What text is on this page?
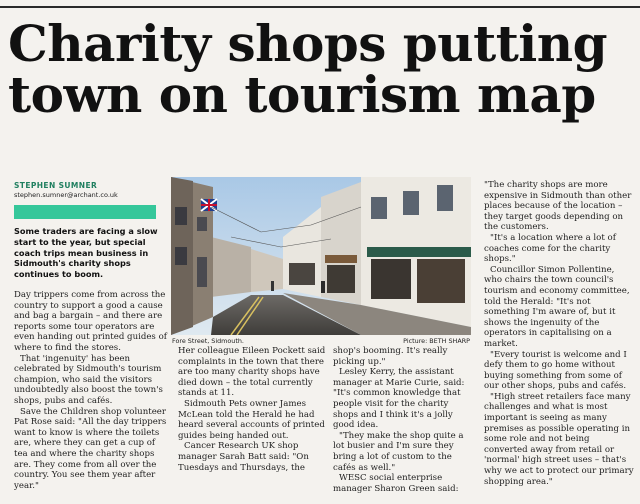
Charity shops putting town on tourism map
STEPHEN SUMNER
stephen.sumner@archant.co.uk

Some traders are facing a slow start to the year, but special coach trips mean business in Sidmouth's charity shops continues to boom.

Day trippers come from across the country to support a good a cause and bag a bargain – and there are reports some tour operators are even handing out printed guides of where to find the stores.

That 'ingenuity' has been celebrated by Sidmouth's tourism champion, who said the visitors undoubtedly also boost the town's shops, pubs and cafés.

Save the Children shop volunteer Pat Rose said: "All the day trippers want to know is where the toilets are, where they can get a cup of tea and where the charity shops are. They come from all over the country. You see them year after year."

Fore Street, Sidmouth.	Picture: BETH SHARP

Her colleague Eileen Pockett said complaints in the town that there are too many charity shops have died down – the total currently stands at 11.

Sidmouth Pets owner James McLean told the Herald he had heard several accounts of printed guides being handed out.

Cancer Research UK shop manager Sarah Batt said: "On Tuesdays and Thursdays, the

shop's booming. It's really picking up."

Lesley Kerry, the assistant manager at Marie Curie, said: "It's common knowledge that people visit for the charity shops and I think it's a jolly good idea.

"They make the shop quite a lot busier and I'm sure they bring a lot of custom to the cafés as well."

WESC social enterprise manager Sharon Green said:

"The charity shops are more expensive in Sidmouth than other places because of the location – they target goods depending on the customers.

"It's a location where a lot of coaches come for the charity shops."

Councillor Simon Pollentine, who chairs the town council's tourism and economy committee, told the Herald: "It's not something I'm aware of, but it shows the ingenuity of the operators in capitalising on a market.

"Every tourist is welcome and I defy them to go home without buying something from some of our other shops, pubs and cafés.

"High street retailers face many challenges and what is most important is seeing as many premises as possible operating in some role and not being converted away from retail or 'normal' high street uses – that's why we act to protect our primary shopping area."
